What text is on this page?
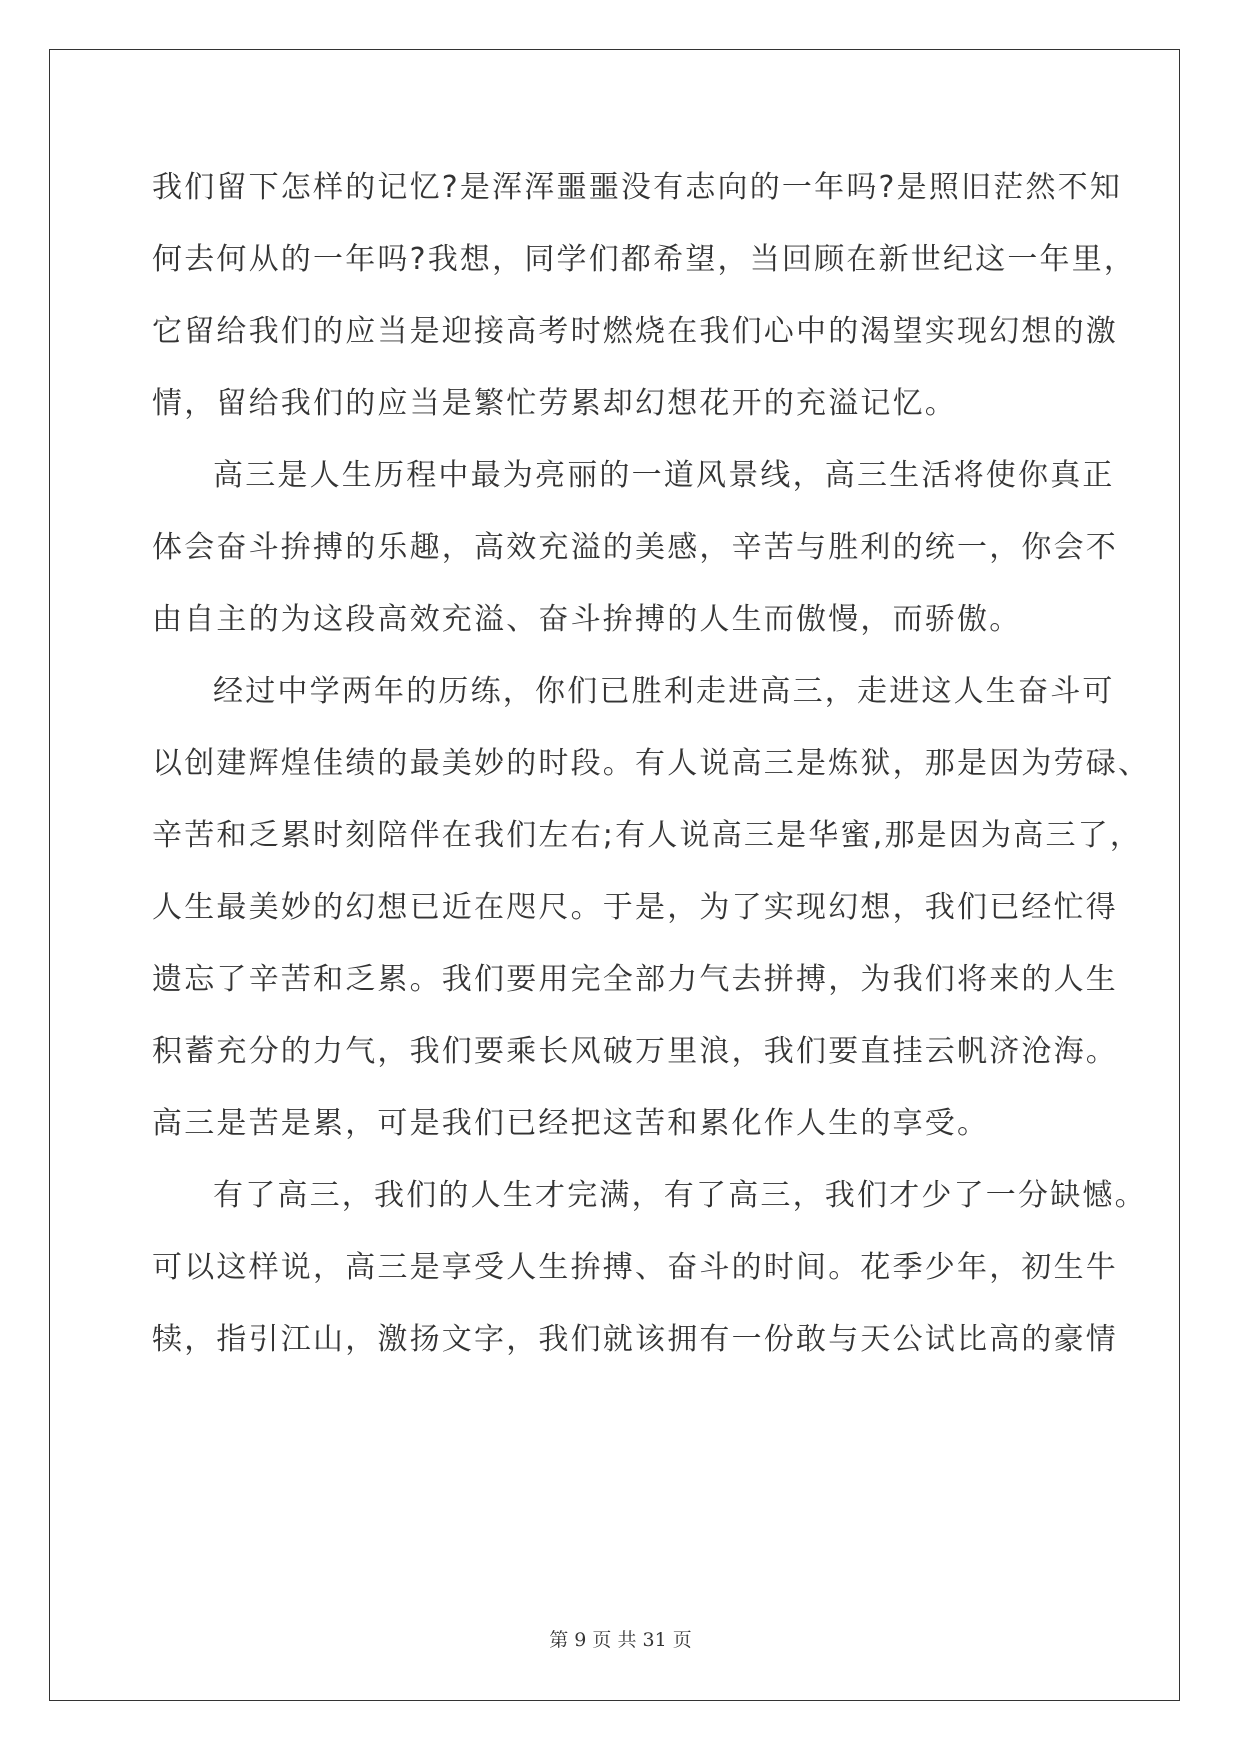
我们留下怎样的记忆?是浑浑噩噩没有志向的一年吗?是照旧茫然不知
何去何从的一年吗?我想，同学们都希望，当回顾在新世纪这一年里，
它留给我们的应当是迎接高考时燃烧在我们心中的渴望实现幻想的激
情，留给我们的应当是繁忙劳累却幻想花开的充溢记忆。
高三是人生历程中最为亮丽的一道风景线，高三生活将使你真正
体会奋斗拚搏的乐趣，高效充溢的美感，辛苦与胜利的统一，你会不
由自主的为这段高效充溢、奋斗拚搏的人生而傲慢，而骄傲。
经过中学两年的历练，你们已胜利走进高三，走进这人生奋斗可
以创建辉煌佳绩的最美妙的时段。有人说高三是炼狱，那是因为劳碌、
辛苦和乏累时刻陪伴在我们左右;有人说高三是华蜜,那是因为高三了，
人生最美妙的幻想已近在咫尺。于是，为了实现幻想，我们已经忙得
遗忘了辛苦和乏累。我们要用完全部力气去拼搏，为我们将来的人生
积蓄充分的力气，我们要乘长风破万里浪，我们要直挂云帆济沧海。
高三是苦是累，可是我们已经把这苦和累化作人生的享受。
有了高三，我们的人生才完满，有了高三，我们才少了一分缺憾。
可以这样说，高三是享受人生拚搏、奋斗的时间。花季少年，初生牛
犊，指引江山，激扬文字，我们就该拥有一份敢与天公试比高的豪情
第 9 页 共 31 页
